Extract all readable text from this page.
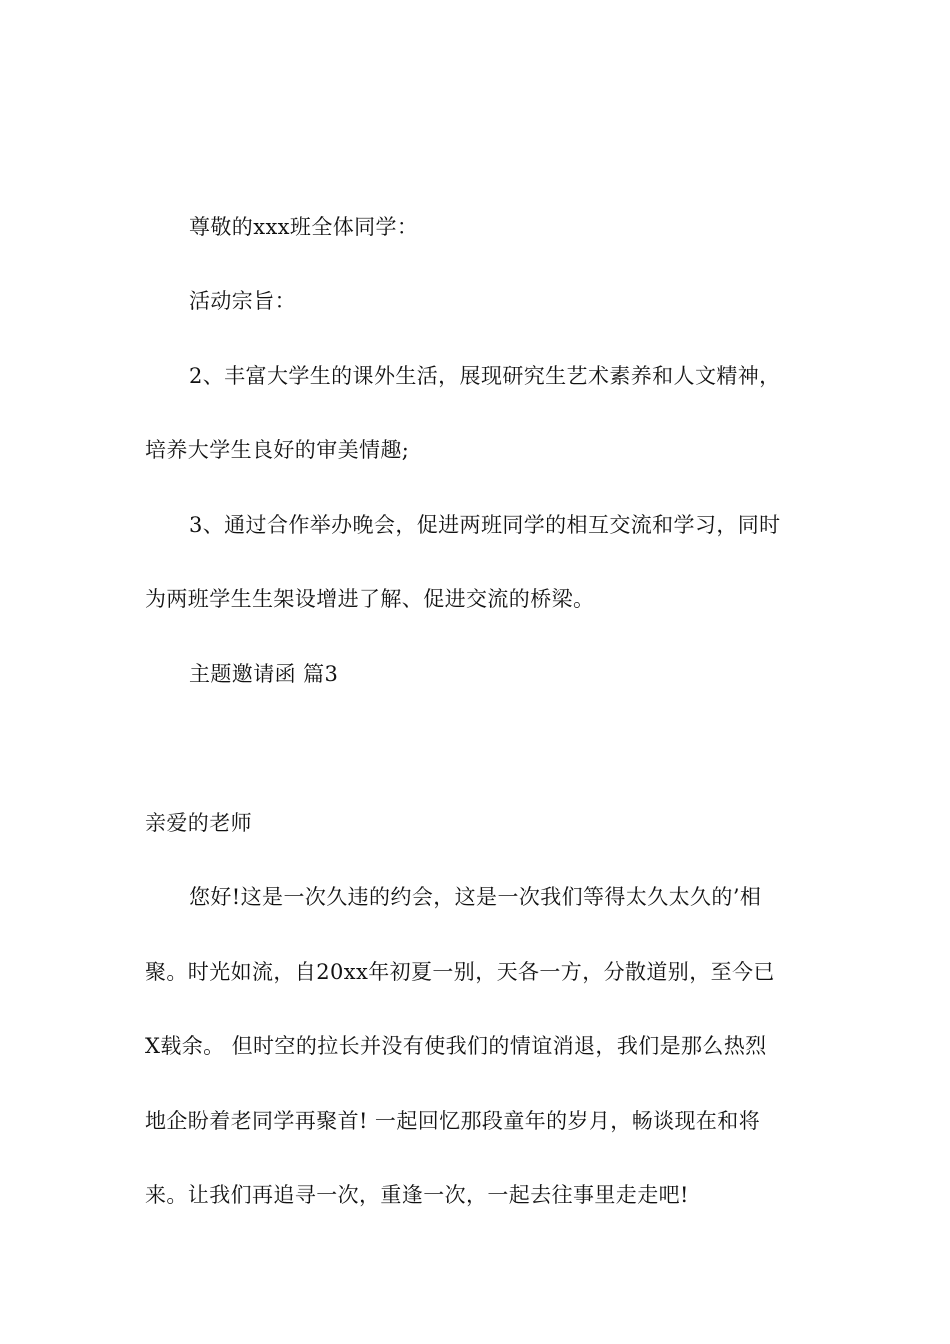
尊敬的xxx班全体同学：
活动宗旨：
2、丰富大学生的课外生活，展现研究生艺术素养和人文精神，
培养大学生良好的审美情趣;
3、通过合作举办晚会，促进两班同学的相互交流和学习，同时
为两班学生生架设增进了解、促进交流的桥梁。
主题邀请函 篇3
亲爱的老师
您好!这是一次久违的约会，这是一次我们等得太久太久的’相
聚。时光如流，自20xx年初夏一别，天各一方，分散道别，至今已
X载余。 但时空的拉长并没有使我们的情谊消退，我们是那么热烈
地企盼着老同学再聚首! 一起回忆那段童年的岁月，畅谈现在和将
来。让我们再追寻一次，重逢一次，一起去往事里走走吧!
